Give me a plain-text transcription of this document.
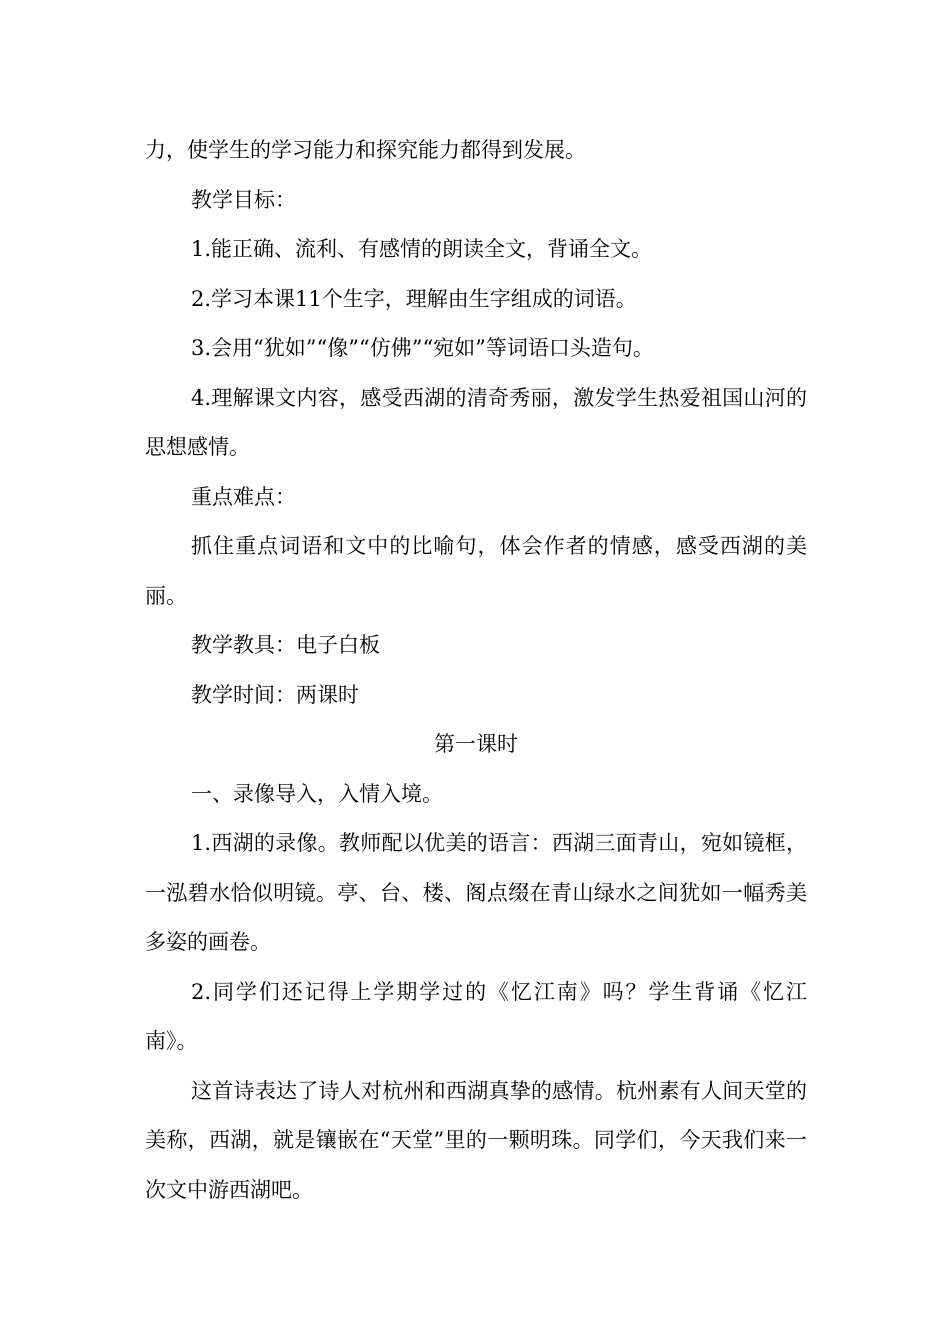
力，使学生的学习能力和探究能力都得到发展。

教学目标：

1.能正确、流利、有感情的朗读全文，背诵全文。

2.学习本课11个生字，理解由生字组成的词语。

3.会用“犹如”“像”“仿佛”“宛如”等词语口头造句。

4.理解课文内容，感受西湖的清奇秀丽，激发学生热爱祖国山河的思想感情。

重点难点：

抓住重点词语和文中的比喻句，体会作者的情感，感受西湖的美丽。

教学教具：电子白板

教学时间：两课时

第一课时

一、录像导入，入情入境。

1.西湖的录像。教师配以优美的语言：西湖三面青山，宛如镜框，一泓碧水恰似明镜。亭、台、楼、阁点缀在青山绿水之间犹如一幅秀美多姿的画卷。

2.同学们还记得上学期学过的《忆江南》吗？学生背诵《忆江南》。

这首诗表达了诗人对杭州和西湖真挚的感情。杭州素有人间天堂的美称，西湖，就是镶嵌在“天堂”里的一颗明珠。同学们，今天我们来一次文中游西湖吧。
